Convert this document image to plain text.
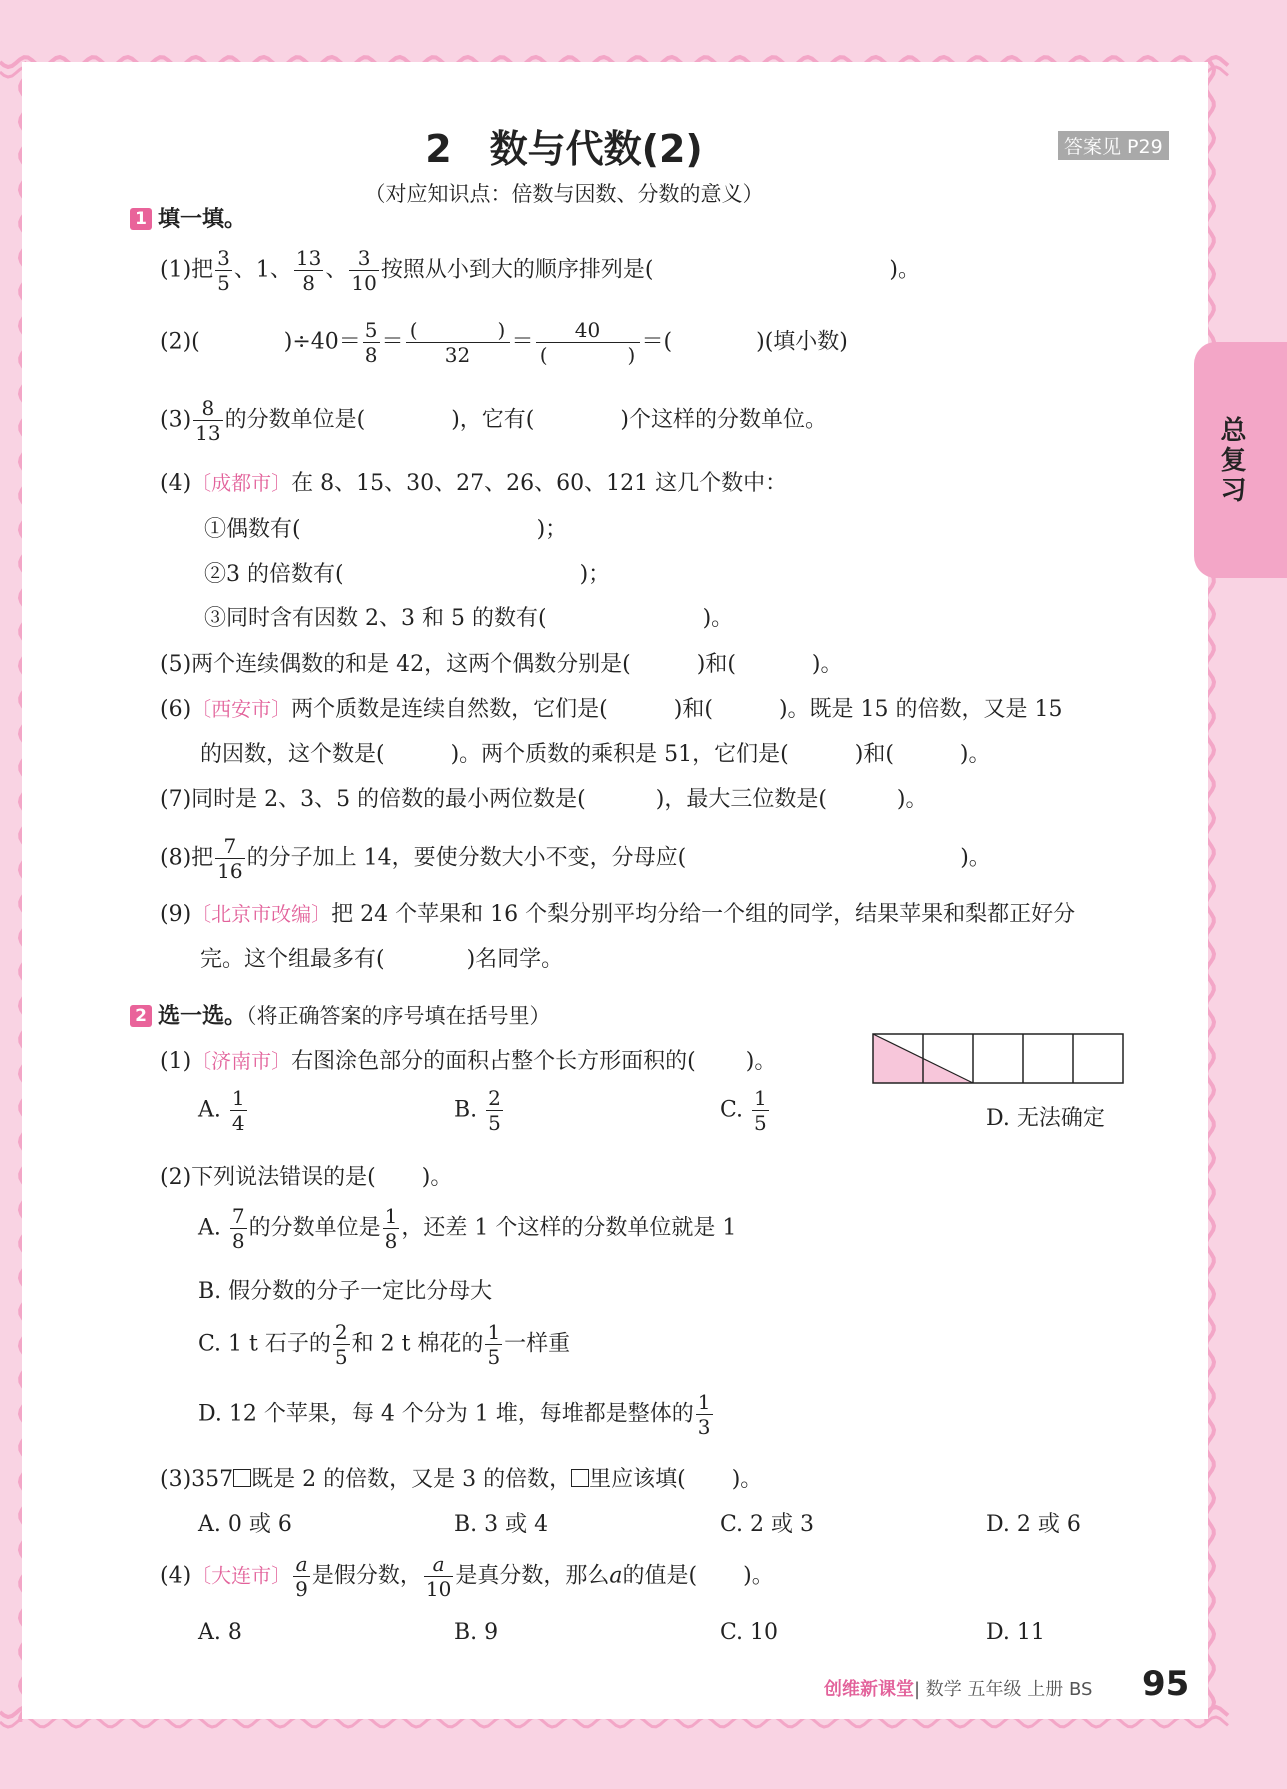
总
复
习
2　数与代数(2)	答案见 P29
（对应知识点：倍数与因数、分数的意义）
1 填一填。
(1)把 $\frac{3}{5}$ 、1、 $\frac{13}{8}$ 、 $\frac{3}{10}$ 按照从小到大的顺序排列是(	)。
(2)(	)$\div 40= \frac{5}{8} = \frac{( )}{32} = \frac{40}{( )}$ ＝(	)(填小数)
$(3) \frac{8}{13}$ 的分数单位是(	)，它有(	)个这样的分数单位。
(4)〔成都市〕在 8、15、30、27、26、60、121 这几个数中：
①偶数有(	)；
②3 的倍数有(	)；
③同时含有因数 2、3 和 5 的数有(	)。
(5)两个连续偶数的和是 42，这两个偶数分别是(	)和(	)。
(6)〔西安市〕两个质数是连续自然数，它们是(	)和(	)。既是 15 的倍数，又是 15
的因数，这个数是(	)。两个质数的乘积是 51，它们是(	)和(	)。
(7)同时是 2、3、5 的倍数的最小两位数是(	)，最大三位数是(	)。
(8)把 $\frac{7}{16}$ 的分子加上 14，要使分数大小不变，分母应(	)。
(9)〔北京市改编〕把 24 个苹果和 16 个梨分别平均分给一个组的同学，结果苹果和梨都正好分
完。这个组最多有(	)名同学。
2 选一选。（将正确答案的序号填在括号里）
(1)〔济南市〕右图涂色部分的面积占整个长方形面积的( )。
A. $\frac{1}{4}$	B. $\frac{2}{5}$	C. $\frac{1}{5}$	D. 无法确定
(2)下列说法错误的是( )。
A. $\frac{7}{8}$ 的分数单位是 $\frac{1}{8}$ ，还差 1 个这样的分数单位就是 1
B. 假分数的分子一定比分母大
C. 1 t 石子的 $\frac{2}{5}$ 和 2 t 棉花的 $\frac{1}{5}$ 一样重
D. 12 个苹果，每 4 个分为 1 堆，每堆都是整体的 $\frac{1}{3}$
(3)357 既是 2 的倍数，又是 3 的倍数， 里应该填( )。
A. 0 或 6	B. 3 或 4	C. 2 或 3	D. 2 或 6
(4)〔大连市〕 $\frac{a}{9}$ 是假分数， $\frac{a}{10}$ 是真分数，那么a的值是( )。
A. 8	B. 9	C. 10	D. 11
创维新课堂| 数学 五年级 上册 BS 95
